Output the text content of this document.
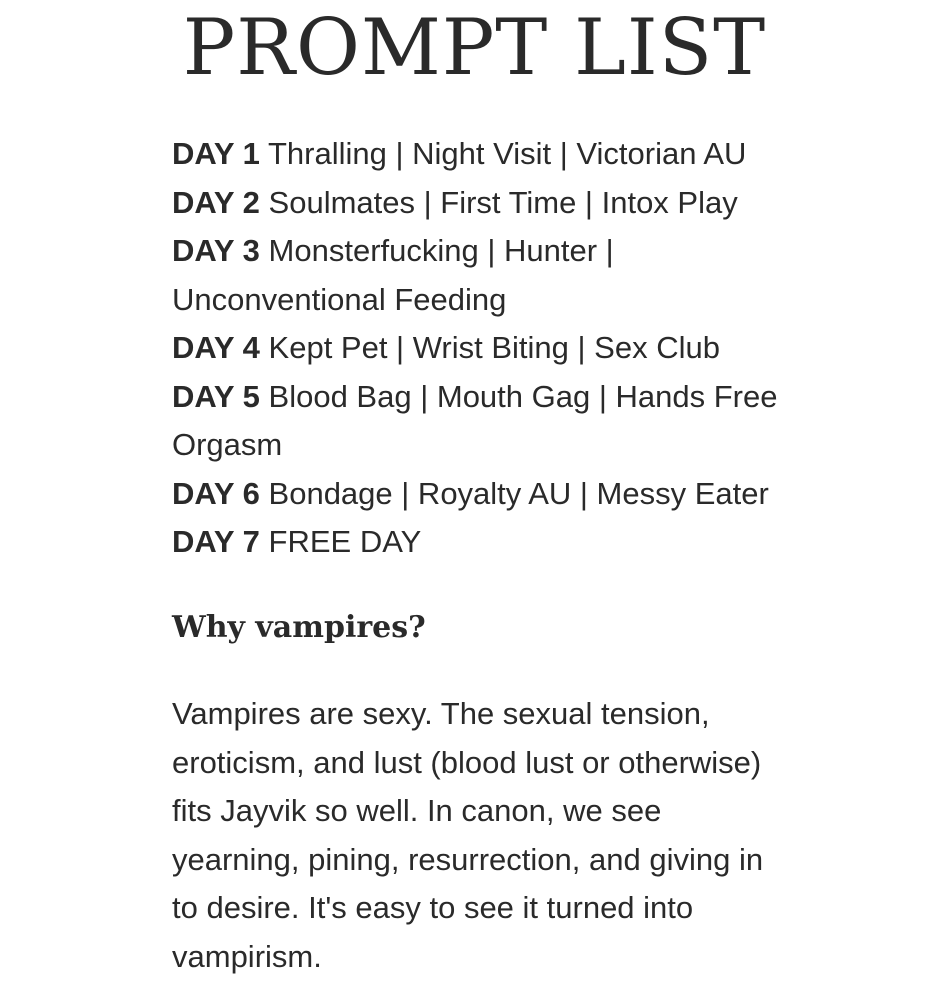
PROMPT LIST
DAY 1 Thralling | Night Visit | Victorian AU
DAY 2 Soulmates | First Time | Intox Play
DAY 3 Monsterfucking | Hunter | Unconventional Feeding
DAY 4 Kept Pet | Wrist Biting | Sex Club
DAY 5 Blood Bag | Mouth Gag | Hands Free Orgasm
DAY 6 Bondage | Royalty AU | Messy Eater
DAY 7 FREE DAY
Why vampires?

Vampires are sexy. The sexual tension, eroticism, and lust (blood lust or otherwise) fits Jayvik so well. In canon, we see yearning, pining, resurrection, and giving in to desire. It's easy to see it turned into vampirism.
